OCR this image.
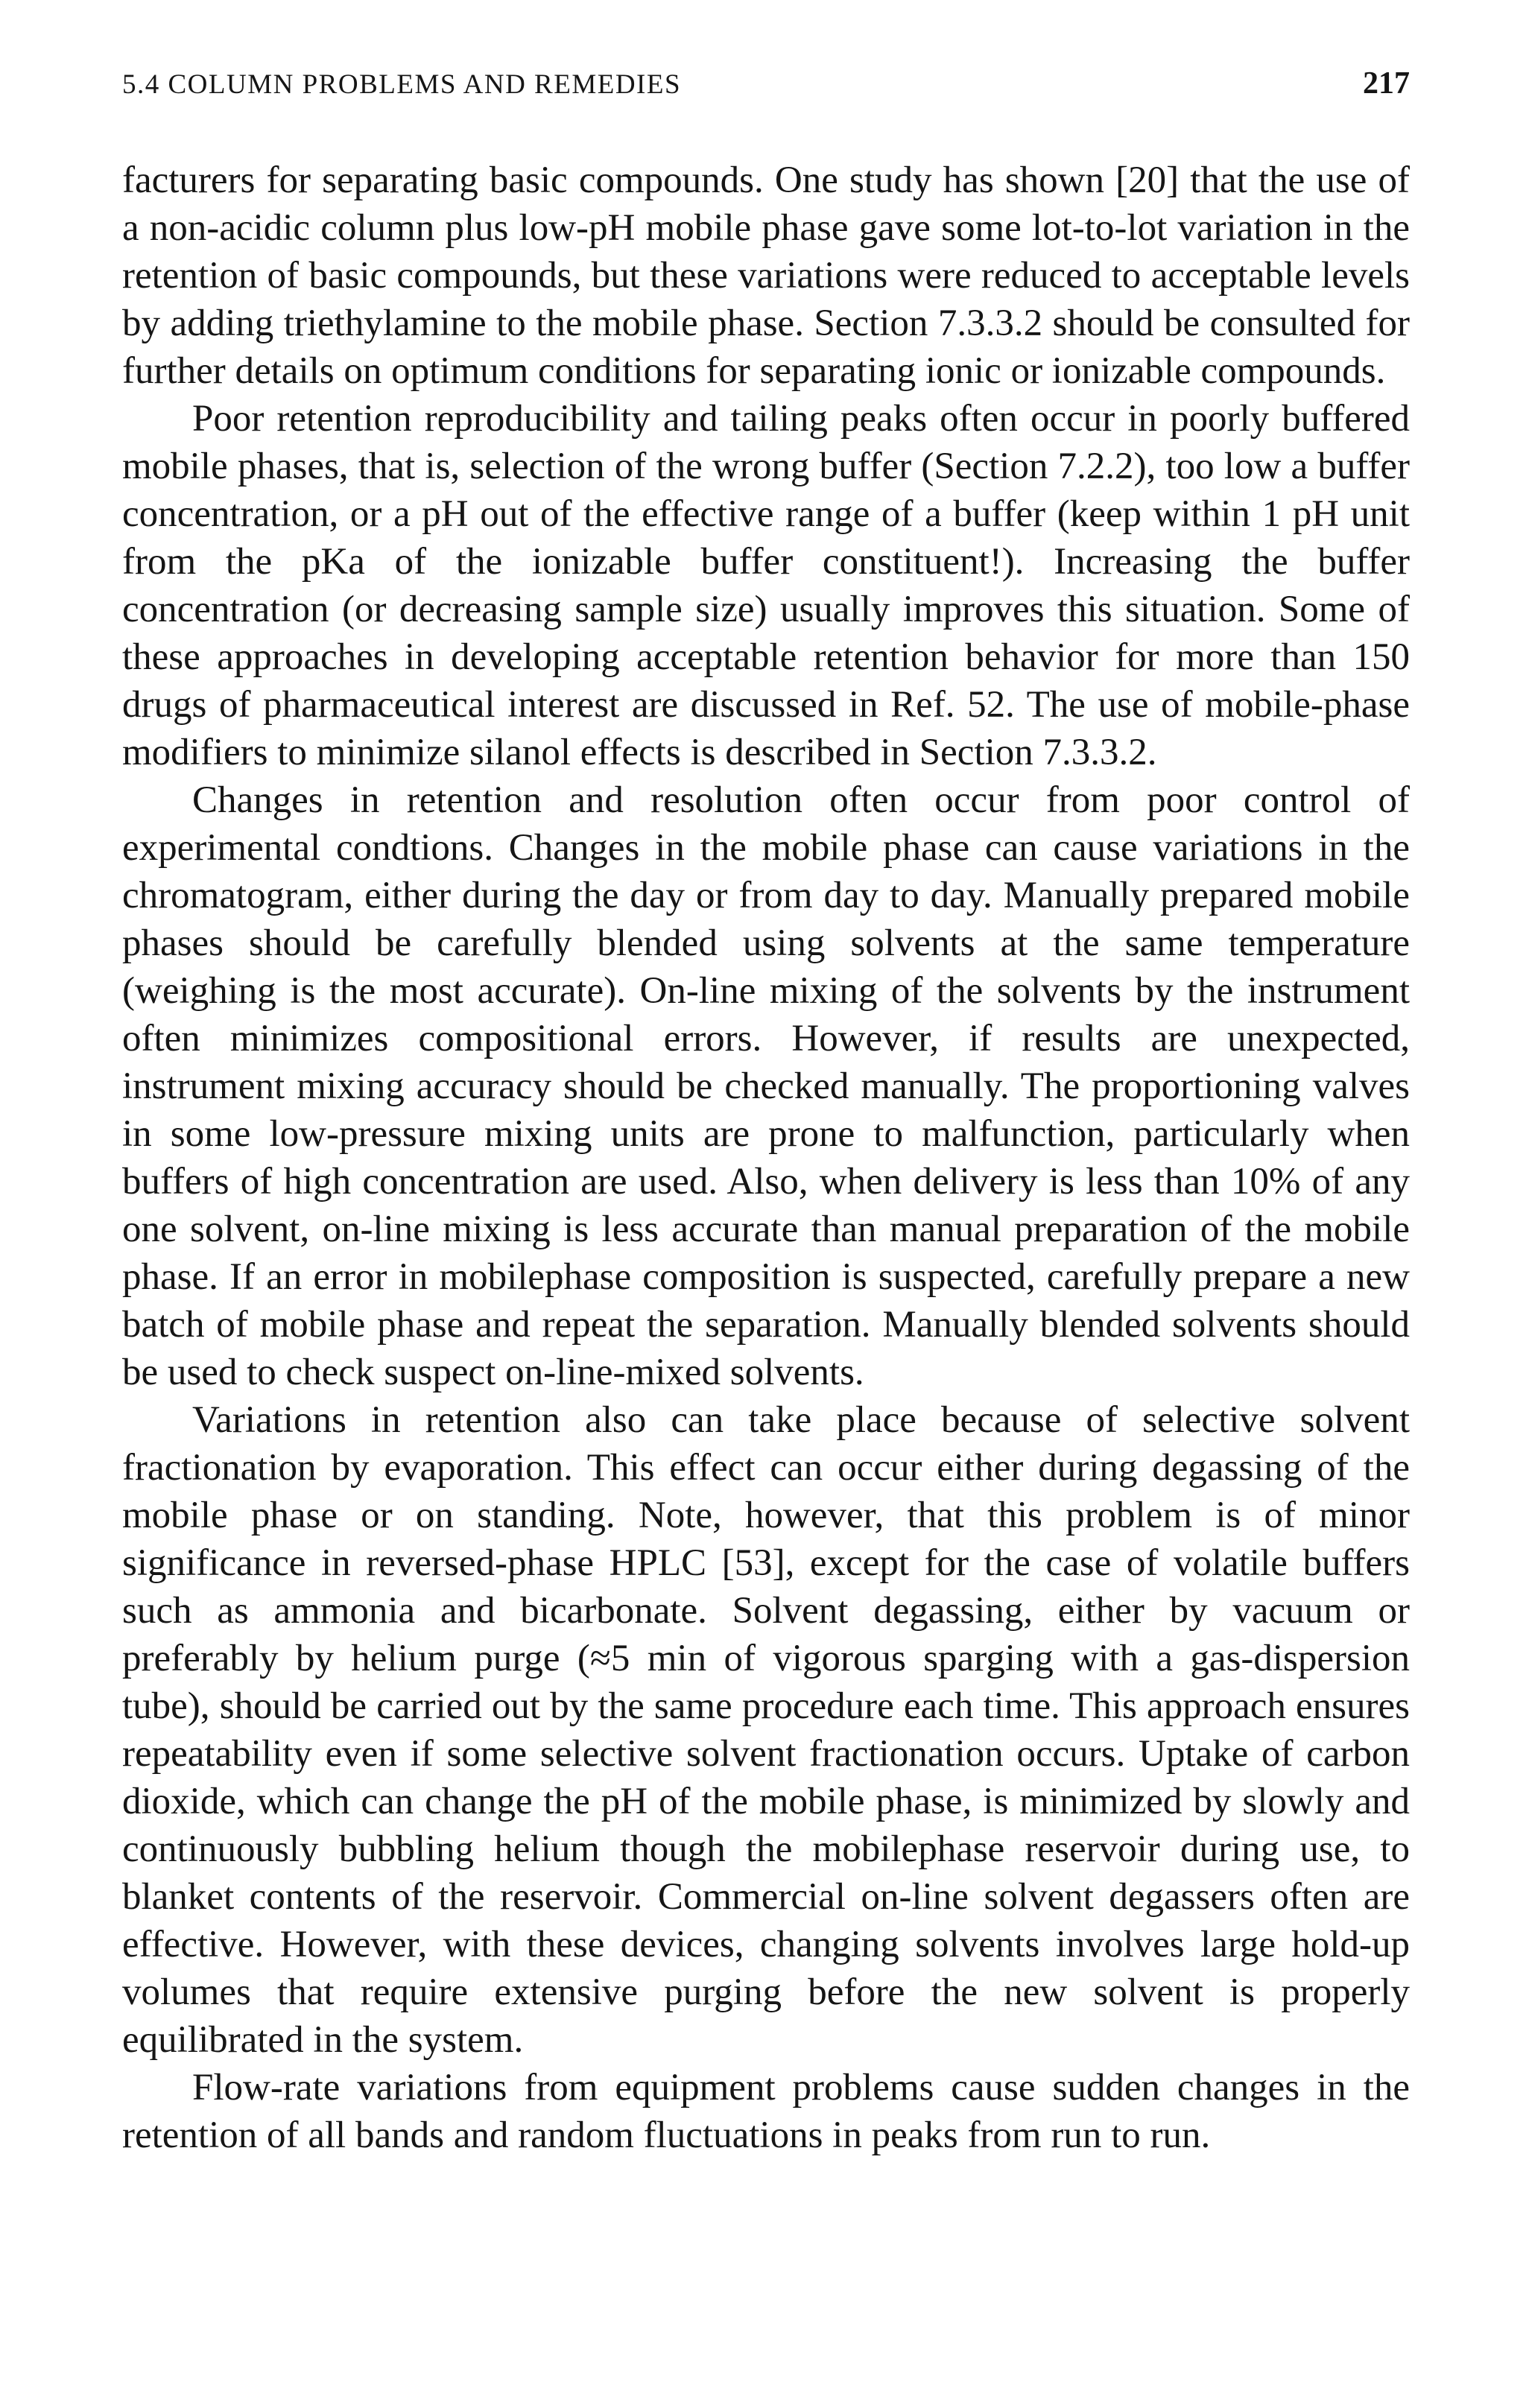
5.4 COLUMN PROBLEMS AND REMEDIES	217

facturers for separating basic compounds. One study has shown [20] that the use of a non-acidic column plus low-pH mobile phase gave some lot-to-lot variation in the retention of basic compounds, but these variations were reduced to acceptable levels by adding triethylamine to the mobile phase. Section 7.3.3.2 should be consulted for further details on optimum conditions for separating ionic or ionizable compounds.

Poor retention reproducibility and tailing peaks often occur in poorly buffered mobile phases, that is, selection of the wrong buffer (Section 7.2.2), too low a buffer concentration, or a pH out of the effective range of a buffer (keep within 1 pH unit from the pKa of the ionizable buffer constituent!). Increasing the buffer concentration (or decreasing sample size) usually improves this situation. Some of these approaches in developing acceptable retention behavior for more than 150 drugs of pharmaceutical interest are discussed in Ref. 52. The use of mobile-phase modifiers to minimize silanol effects is described in Section 7.3.3.2.

Changes in retention and resolution often occur from poor control of experimental condtions. Changes in the mobile phase can cause variations in the chromatogram, either during the day or from day to day. Manually prepared mobile phases should be carefully blended using solvents at the same temperature (weighing is the most accurate). On-line mixing of the solvents by the instrument often minimizes compositional errors. However, if results are unexpected, instrument mixing accuracy should be checked manually. The proportioning valves in some low-pressure mixing units are prone to malfunction, particularly when buffers of high concentration are used. Also, when delivery is less than 10% of any one solvent, on-line mixing is less accurate than manual preparation of the mobile phase. If an error in mobilephase composition is suspected, carefully prepare a new batch of mobile phase and repeat the separation. Manually blended solvents should be used to check suspect on-line-mixed solvents.

Variations in retention also can take place because of selective solvent fractionation by evaporation. This effect can occur either during degassing of the mobile phase or on standing. Note, however, that this problem is of minor significance in reversed-phase HPLC [53], except for the case of volatile buffers such as ammonia and bicarbonate. Solvent degassing, either by vacuum or preferably by helium purge (≈5 min of vigorous sparging with a gas-dispersion tube), should be carried out by the same procedure each time. This approach ensures repeatability even if some selective solvent fractionation occurs. Uptake of carbon dioxide, which can change the pH of the mobile phase, is minimized by slowly and continuously bubbling helium though the mobilephase reservoir during use, to blanket contents of the reservoir. Commercial on-line solvent degassers often are effective. However, with these devices, changing solvents involves large hold-up volumes that require extensive purging before the new solvent is properly equilibrated in the system.

Flow-rate variations from equipment problems cause sudden changes in the retention of all bands and random fluctuations in peaks from run to run.
